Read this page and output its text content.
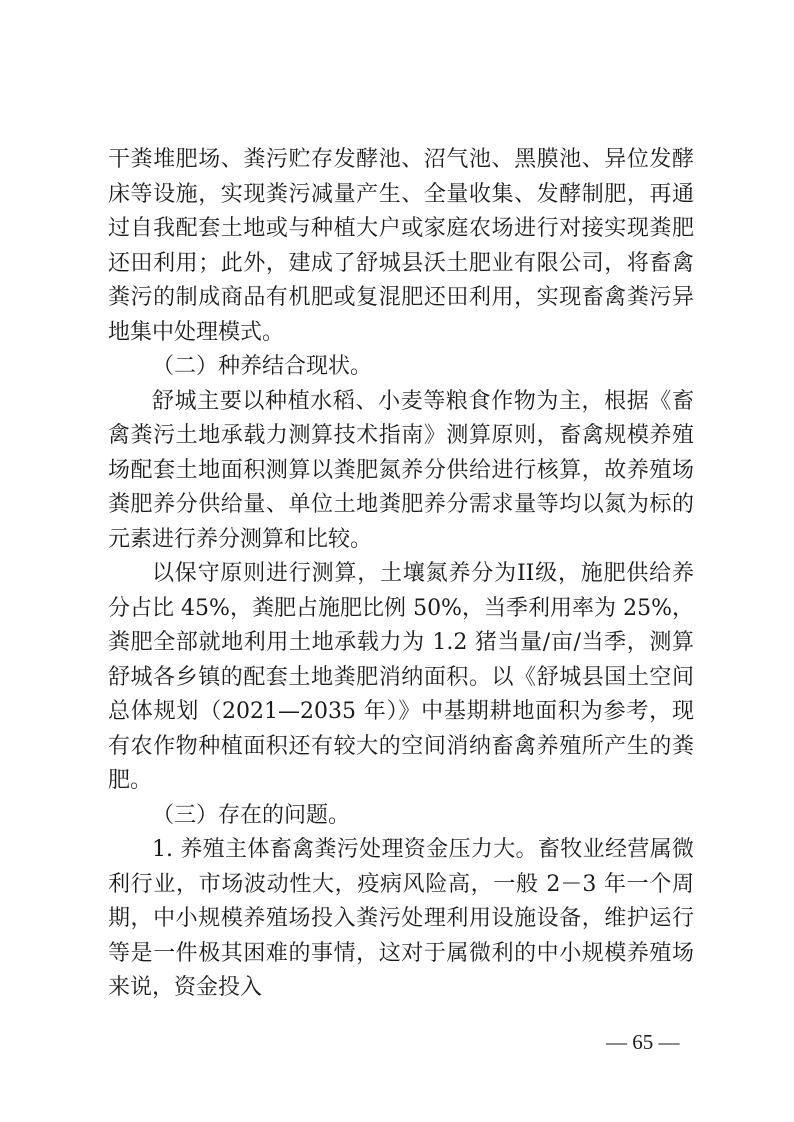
干粪堆肥场、粪污贮存发酵池、沼气池、黑膜池、异位发酵床等设施，实现粪污减量产生、全量收集、发酵制肥，再通过自我配套土地或与种植大户或家庭农场进行对接实现粪肥还田利用；此外，建成了舒城县沃土肥业有限公司，将畜禽粪污的制成商品有机肥或复混肥还田利用，实现畜禽粪污异地集中处理模式。

（二）种养结合现状。

舒城主要以种植水稻、小麦等粮食作物为主，根据《畜禽粪污土地承载力测算技术指南》测算原则，畜禽规模养殖场配套土地面积测算以粪肥氮养分供给进行核算，故养殖场粪肥养分供给量、单位土地粪肥养分需求量等均以氮为标的元素进行养分测算和比较。

以保守原则进行测算，土壤氮养分为II级，施肥供给养分占比 45%，粪肥占施肥比例 50%，当季利用率为 25%，粪肥全部就地利用土地承载力为 1.2 猪当量/亩/当季，测算舒城各乡镇的配套土地粪肥消纳面积。以《舒城县国土空间总体规划（2021—2035 年）》中基期耕地面积为参考，现有农作物种植面积还有较大的空间消纳畜禽养殖所产生的粪肥。

（三）存在的问题。

1. 养殖主体畜禽粪污处理资金压力大。畜牧业经营属微利行业，市场波动性大，疫病风险高，一般 2－3 年一个周期，中小规模养殖场投入粪污处理利用设施设备，维护运行等是一件极其困难的事情，这对于属微利的中小规模养殖场来说，资金投入

— 65 —
